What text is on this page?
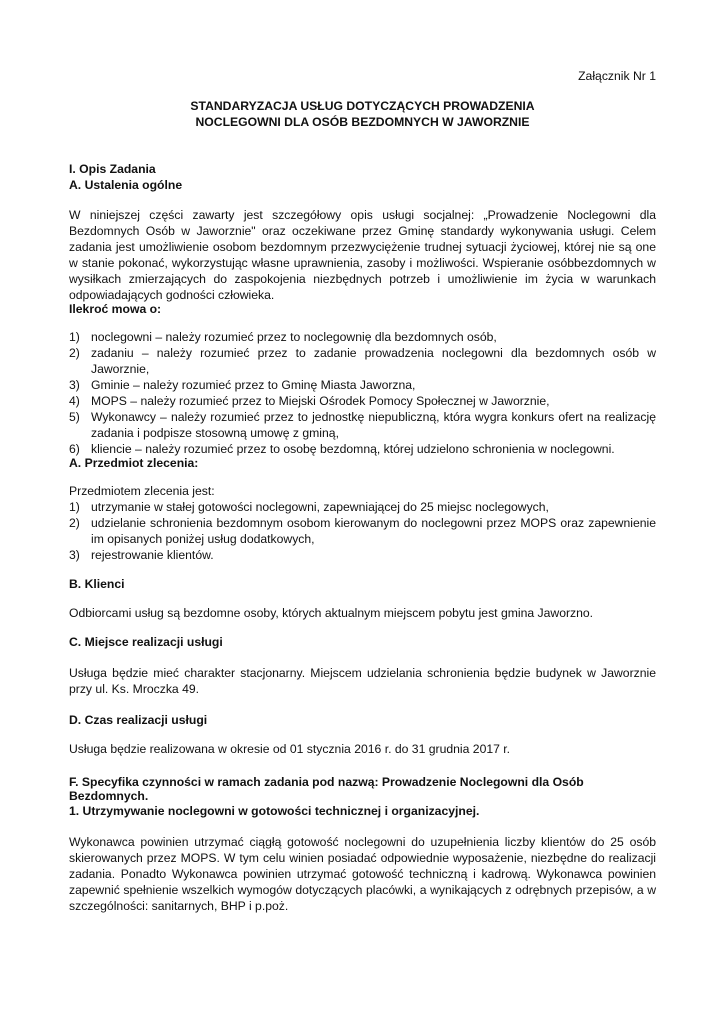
Załącznik Nr 1
STANDARYZACJA USŁUG DOTYCZĄCYCH PROWADZENIA
NOCLEGOWNI DLA OSÓB BEZDOMNYCH W JAWORZNIE
I. Opis Zadania
A. Ustalenia ogólne

W niniejszej części zawarty jest szczegółowy opis usługi socjalnej: „Prowadzenie Noclegowni dla Bezdomnych Osób w Jaworznie" oraz oczekiwane przez Gminę standardy wykonywania usługi. Celem zadania jest umożliwienie osobom bezdomnym przezwyciężenie trudnej sytuacji życiowej, której nie są one w stanie pokonać, wykorzystując własne uprawnienia, zasoby i możliwości. Wspieranie osóbbezdomnych w wysiłkach zmierzających do zaspokojenia niezbędnych potrzeb i umożliwienie im życia w warunkach odpowiadających godności człowieka.

Ilekroć mowa o:
1) noclegowni – należy rozumieć przez to noclegownię dla bezdomnych osób,
2) zadaniu – należy rozumieć przez to zadanie prowadzenia noclegowni dla bezdomnych osób w Jaworznie,
3) Gminie – należy rozumieć przez to Gminę Miasta Jaworzna,
4) MOPS – należy rozumieć przez to Miejski Ośrodek Pomocy Społecznej w Jaworznie,
5) Wykonawcy – należy rozumieć przez to jednostkę niepubliczną, która wygra konkurs ofert na realizację zadania i podpisze stosowną umowę z gminą,
6) kliencie – należy rozumieć przez to osobę bezdomną, której udzielono schronienia w noclegowni.
A. Przedmiot zlecenia:
Przedmiotem zlecenia jest:
1) utrzymanie w stałej gotowości noclegowni, zapewniającej do 25 miejsc noclegowych,
2) udzielanie schronienia bezdomnym osobom kierowanym do noclegowni przez MOPS oraz zapewnienie im opisanych poniżej usług dodatkowych,
3) rejestrowanie klientów.
B. Klienci
Odbiorcami usług są bezdomne osoby, których aktualnym miejscem pobytu jest gmina Jaworzno.
C. Miejsce realizacji usługi

Usługa będzie mieć charakter stacjonarny. Miejscem udzielania schronienia będzie budynek w Jaworznie przy ul. Ks. Mroczka 49.

D. Czas realizacji usługi
Usługa będzie realizowana w okresie od 01 stycznia 2016 r. do 31 grudnia 2017 r.
F. Specyfika czynności w ramach zadania pod nazwą: Prowadzenie Noclegowni dla Osób Bezdomnych.
1. Utrzymywanie noclegowni w gotowości technicznej i organizacyjnej.

Wykonawca powinien utrzymać ciągłą gotowość noclegowni do uzupełnienia liczby klientów do 25 osób skierowanych przez MOPS. W tym celu winien posiadać odpowiednie wyposażenie, niezbędne do realizacji zadania. Ponadto Wykonawca powinien utrzymać gotowość techniczną i kadrową. Wykonawca powinien zapewnić spełnienie wszelkich wymogów dotyczących placówki, a wynikających z odrębnych przepisów, a w szczególności: sanitarnych, BHP i p.poż.
